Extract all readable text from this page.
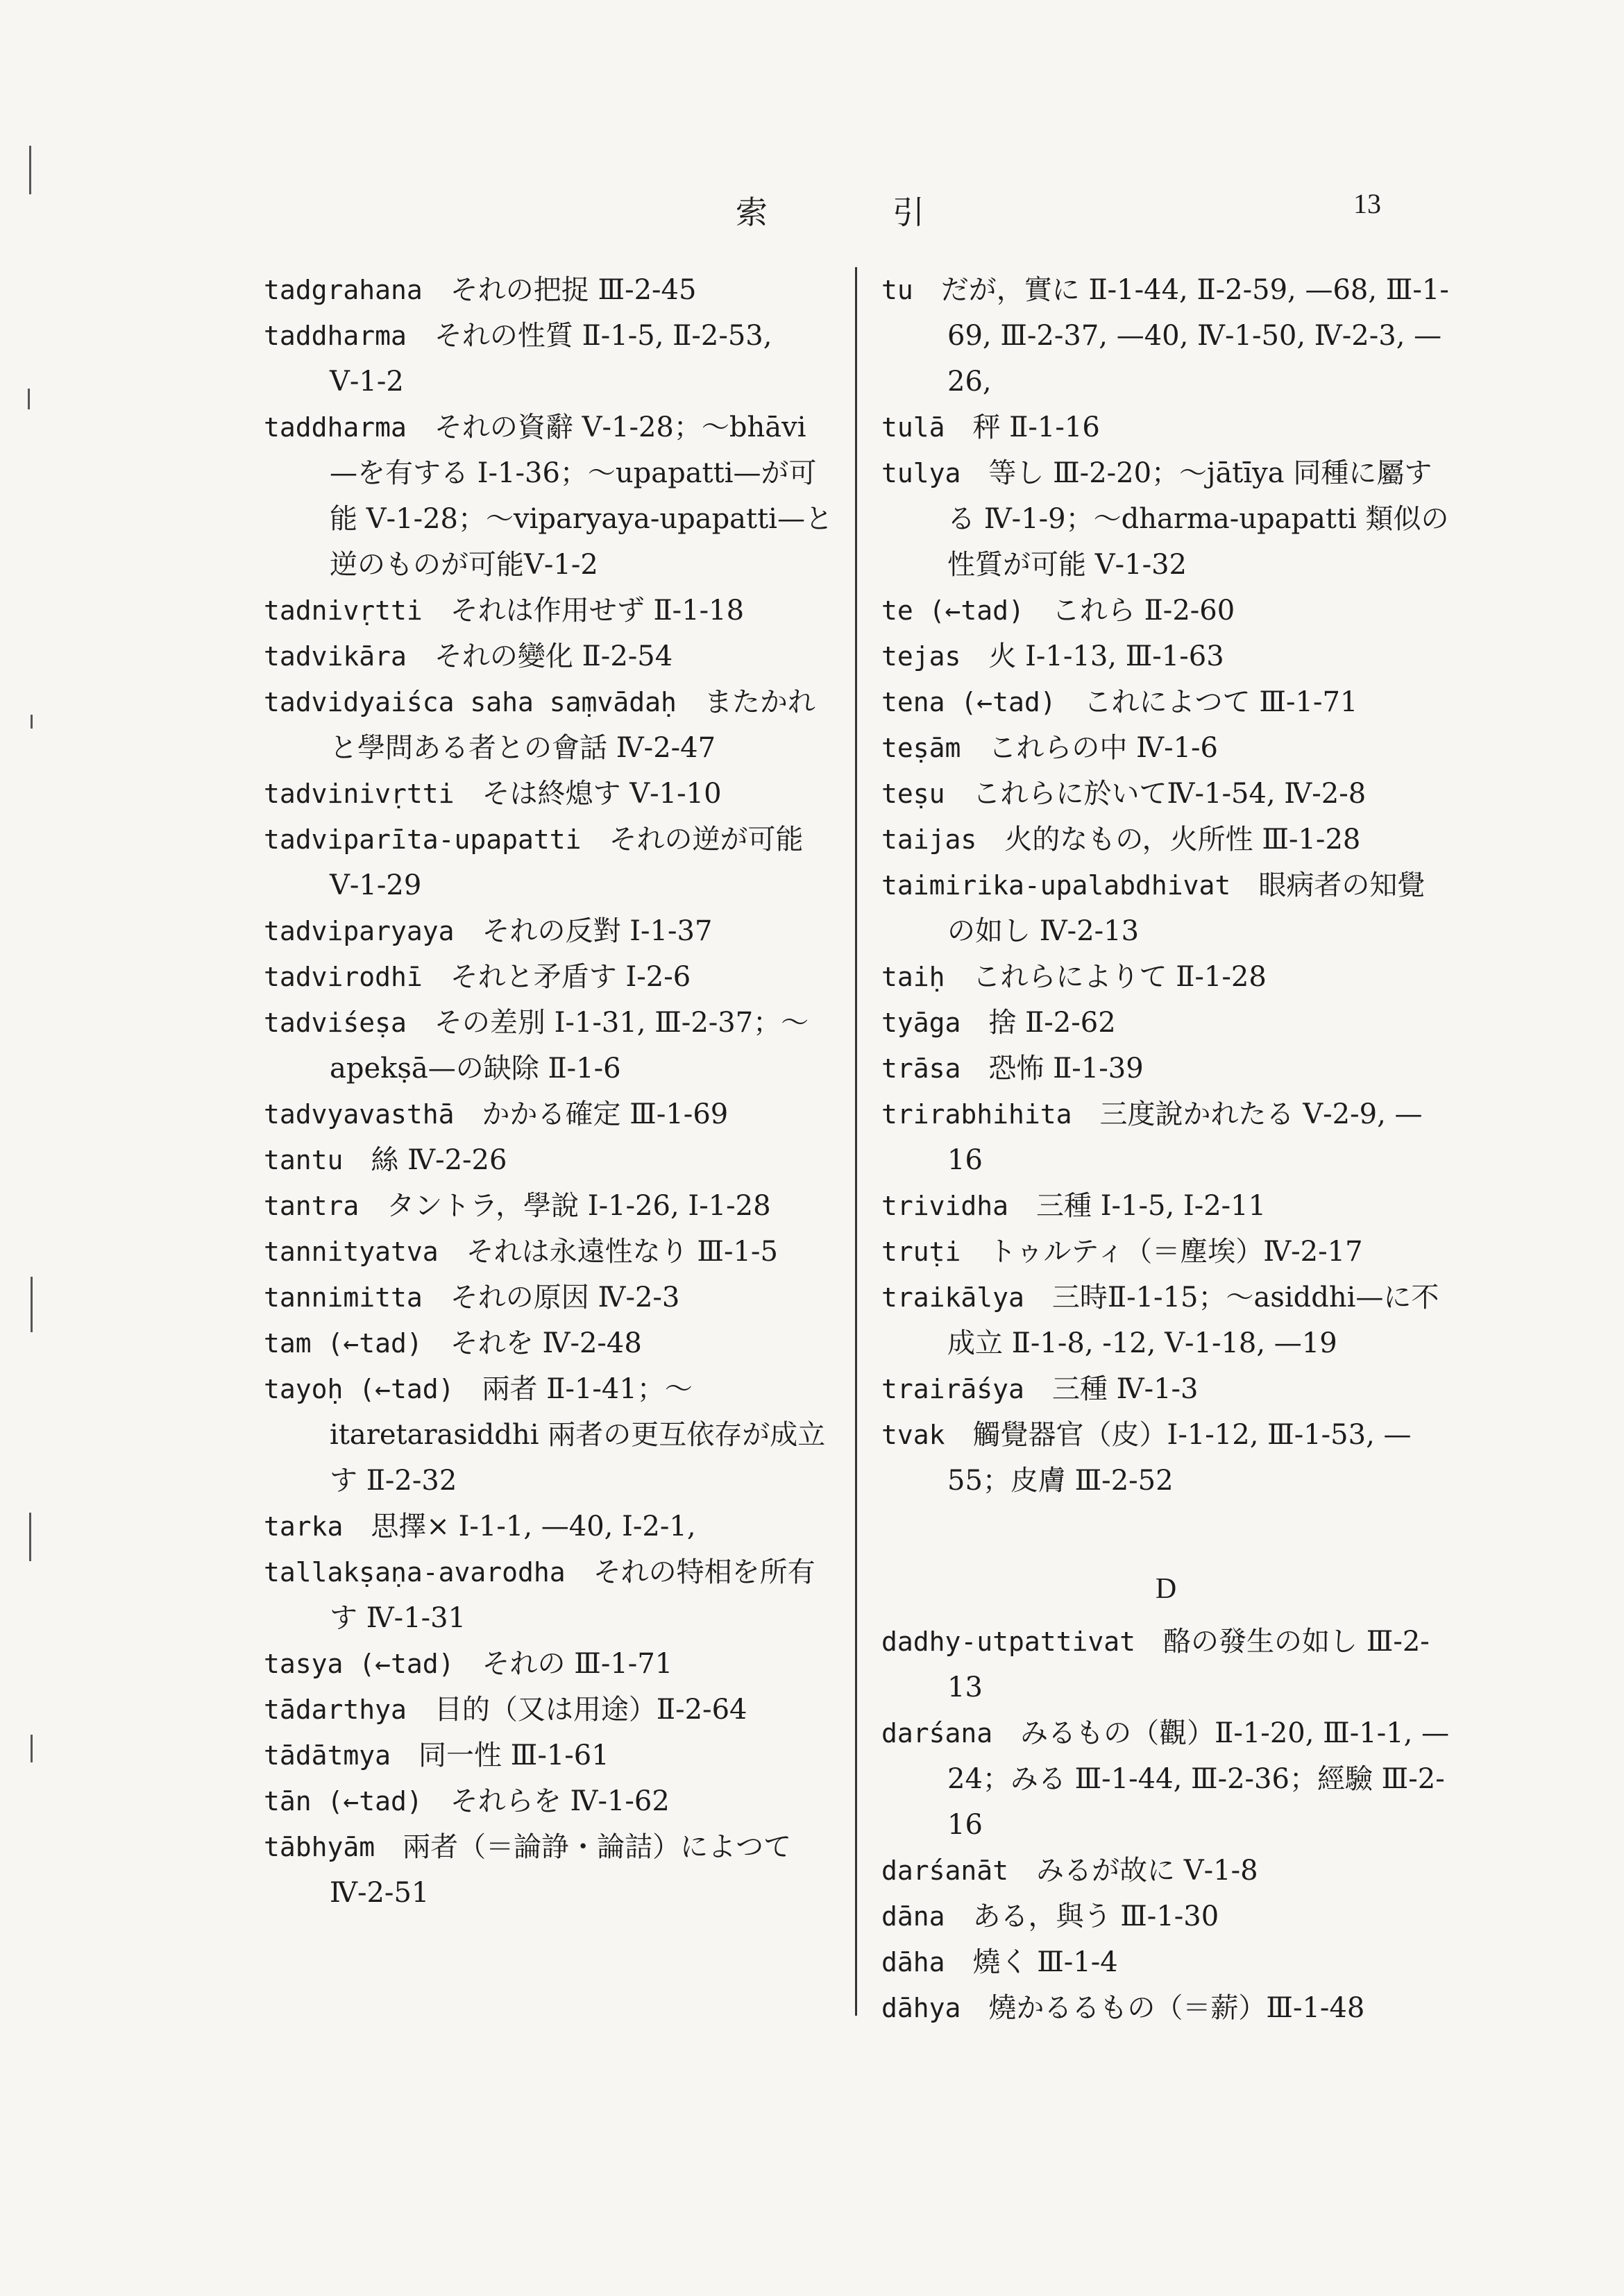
索引	13

tadgrahana それの把捉 Ⅲ-2-45

taddharma それの性質 Ⅱ-1-5, Ⅱ-2-53, Ⅴ-1-2

taddharma それの資辭 Ⅴ-1-28；〜bhāvi—を有する Ⅰ-1-36；〜upapatti—が可能 Ⅴ-1-28；〜viparyaya-upapatti—と逆のものが可能Ⅴ-1-2

tadnivṛtti それは作用せず Ⅱ-1-18

tadvikāra それの變化 Ⅱ-2-54

tadvidyaiśca saha saṃvādaḥ またかれと學問ある者との會話 Ⅳ-2-47

tadvinivṛtti そは終熄す Ⅴ-1-10

tadviparīta-upapatti それの逆が可能 Ⅴ-1-29

tadviparyaya それの反對 Ⅰ-1-37

tadvirodhī それと矛盾す Ⅰ-2-6

tadviśeṣa その差別 Ⅰ-1-31, Ⅲ-2-37；〜apekṣā—の缺除 Ⅱ-1-6

tadvyavasthā かかる確定 Ⅲ-1-69

tantu 絲 Ⅳ-2-26

tantra タントラ，學說 Ⅰ-1-26, Ⅰ-1-28

tannityatva それは永遠性なり Ⅲ-1-5

tannimitta それの原因 Ⅳ-2-3

tam (←tad) それを Ⅳ-2-48

tayoḥ (←tad) 兩者 Ⅱ-1-41；〜itaretarasiddhi 兩者の更互依存が成立す Ⅱ-2-32

tarka 思擇× Ⅰ-1-1, —40, Ⅰ-2-1,

tallakṣaṇa-avarodha それの特相を所有す Ⅳ-1-31

tasya (←tad) それの Ⅲ-1-71

tādarthya 目的（又は用途）Ⅱ-2-64

tādātmya 同一性 Ⅲ-1-61

tān (←tad) それらを Ⅳ-1-62

tābhyām 兩者（＝論諍・論詰）によつて Ⅳ-2-51

tu だが，實に Ⅱ-1-44, Ⅱ-2-59, —68, Ⅲ-1-69, Ⅲ-2-37, —40, Ⅳ-1-50, Ⅳ-2-3, —26,

tulā 秤 Ⅱ-1-16

tulya 等し Ⅲ-2-20；〜jātīya 同種に屬する Ⅳ-1-9；〜dharma-upapatti 類似の性質が可能 Ⅴ-1-32

te (←tad) これら Ⅱ-2-60

tejas 火 Ⅰ-1-13, Ⅲ-1-63

tena (←tad) これによつて Ⅲ-1-71

teṣām これらの中 Ⅳ-1-6

teṣu これらに於いてⅣ-1-54, Ⅳ-2-8

taijas 火的なもの，火所性 Ⅲ-1-28

taimirika-upalabdhivat 眼病者の知覺の如し Ⅳ-2-13

taiḥ これらによりて Ⅱ-1-28

tyāga 捨 Ⅱ-2-62

trāsa 恐怖 Ⅱ-1-39

trirabhihita 三度說かれたる Ⅴ-2-9, —16

trividha 三種 Ⅰ-1-5, Ⅰ-2-11

truṭi トゥルティ（＝塵埃）Ⅳ-2-17

traikālya 三時Ⅱ-1-15；〜asiddhi—に不成立 Ⅱ-1-8, -12, Ⅴ-1-18, —19

trairāśya 三種 Ⅳ-1-3

tvak 觸覺器官（皮）Ⅰ-1-12, Ⅲ-1-53, —55；皮膚 Ⅲ-2-52

D

dadhy-utpattivat 酪の發生の如し Ⅲ-2-13

darśana みるもの（觀）Ⅱ-1-20, Ⅲ-1-1, —24；みる Ⅲ-1-44, Ⅲ-2-36；經驗 Ⅲ-2-16

darśanāt みるが故に Ⅴ-1-8

dāna ある，與う Ⅲ-1-30

dāha 燒く Ⅲ-1-4

dāhya 燒かるるもの（＝薪）Ⅲ-1-48
